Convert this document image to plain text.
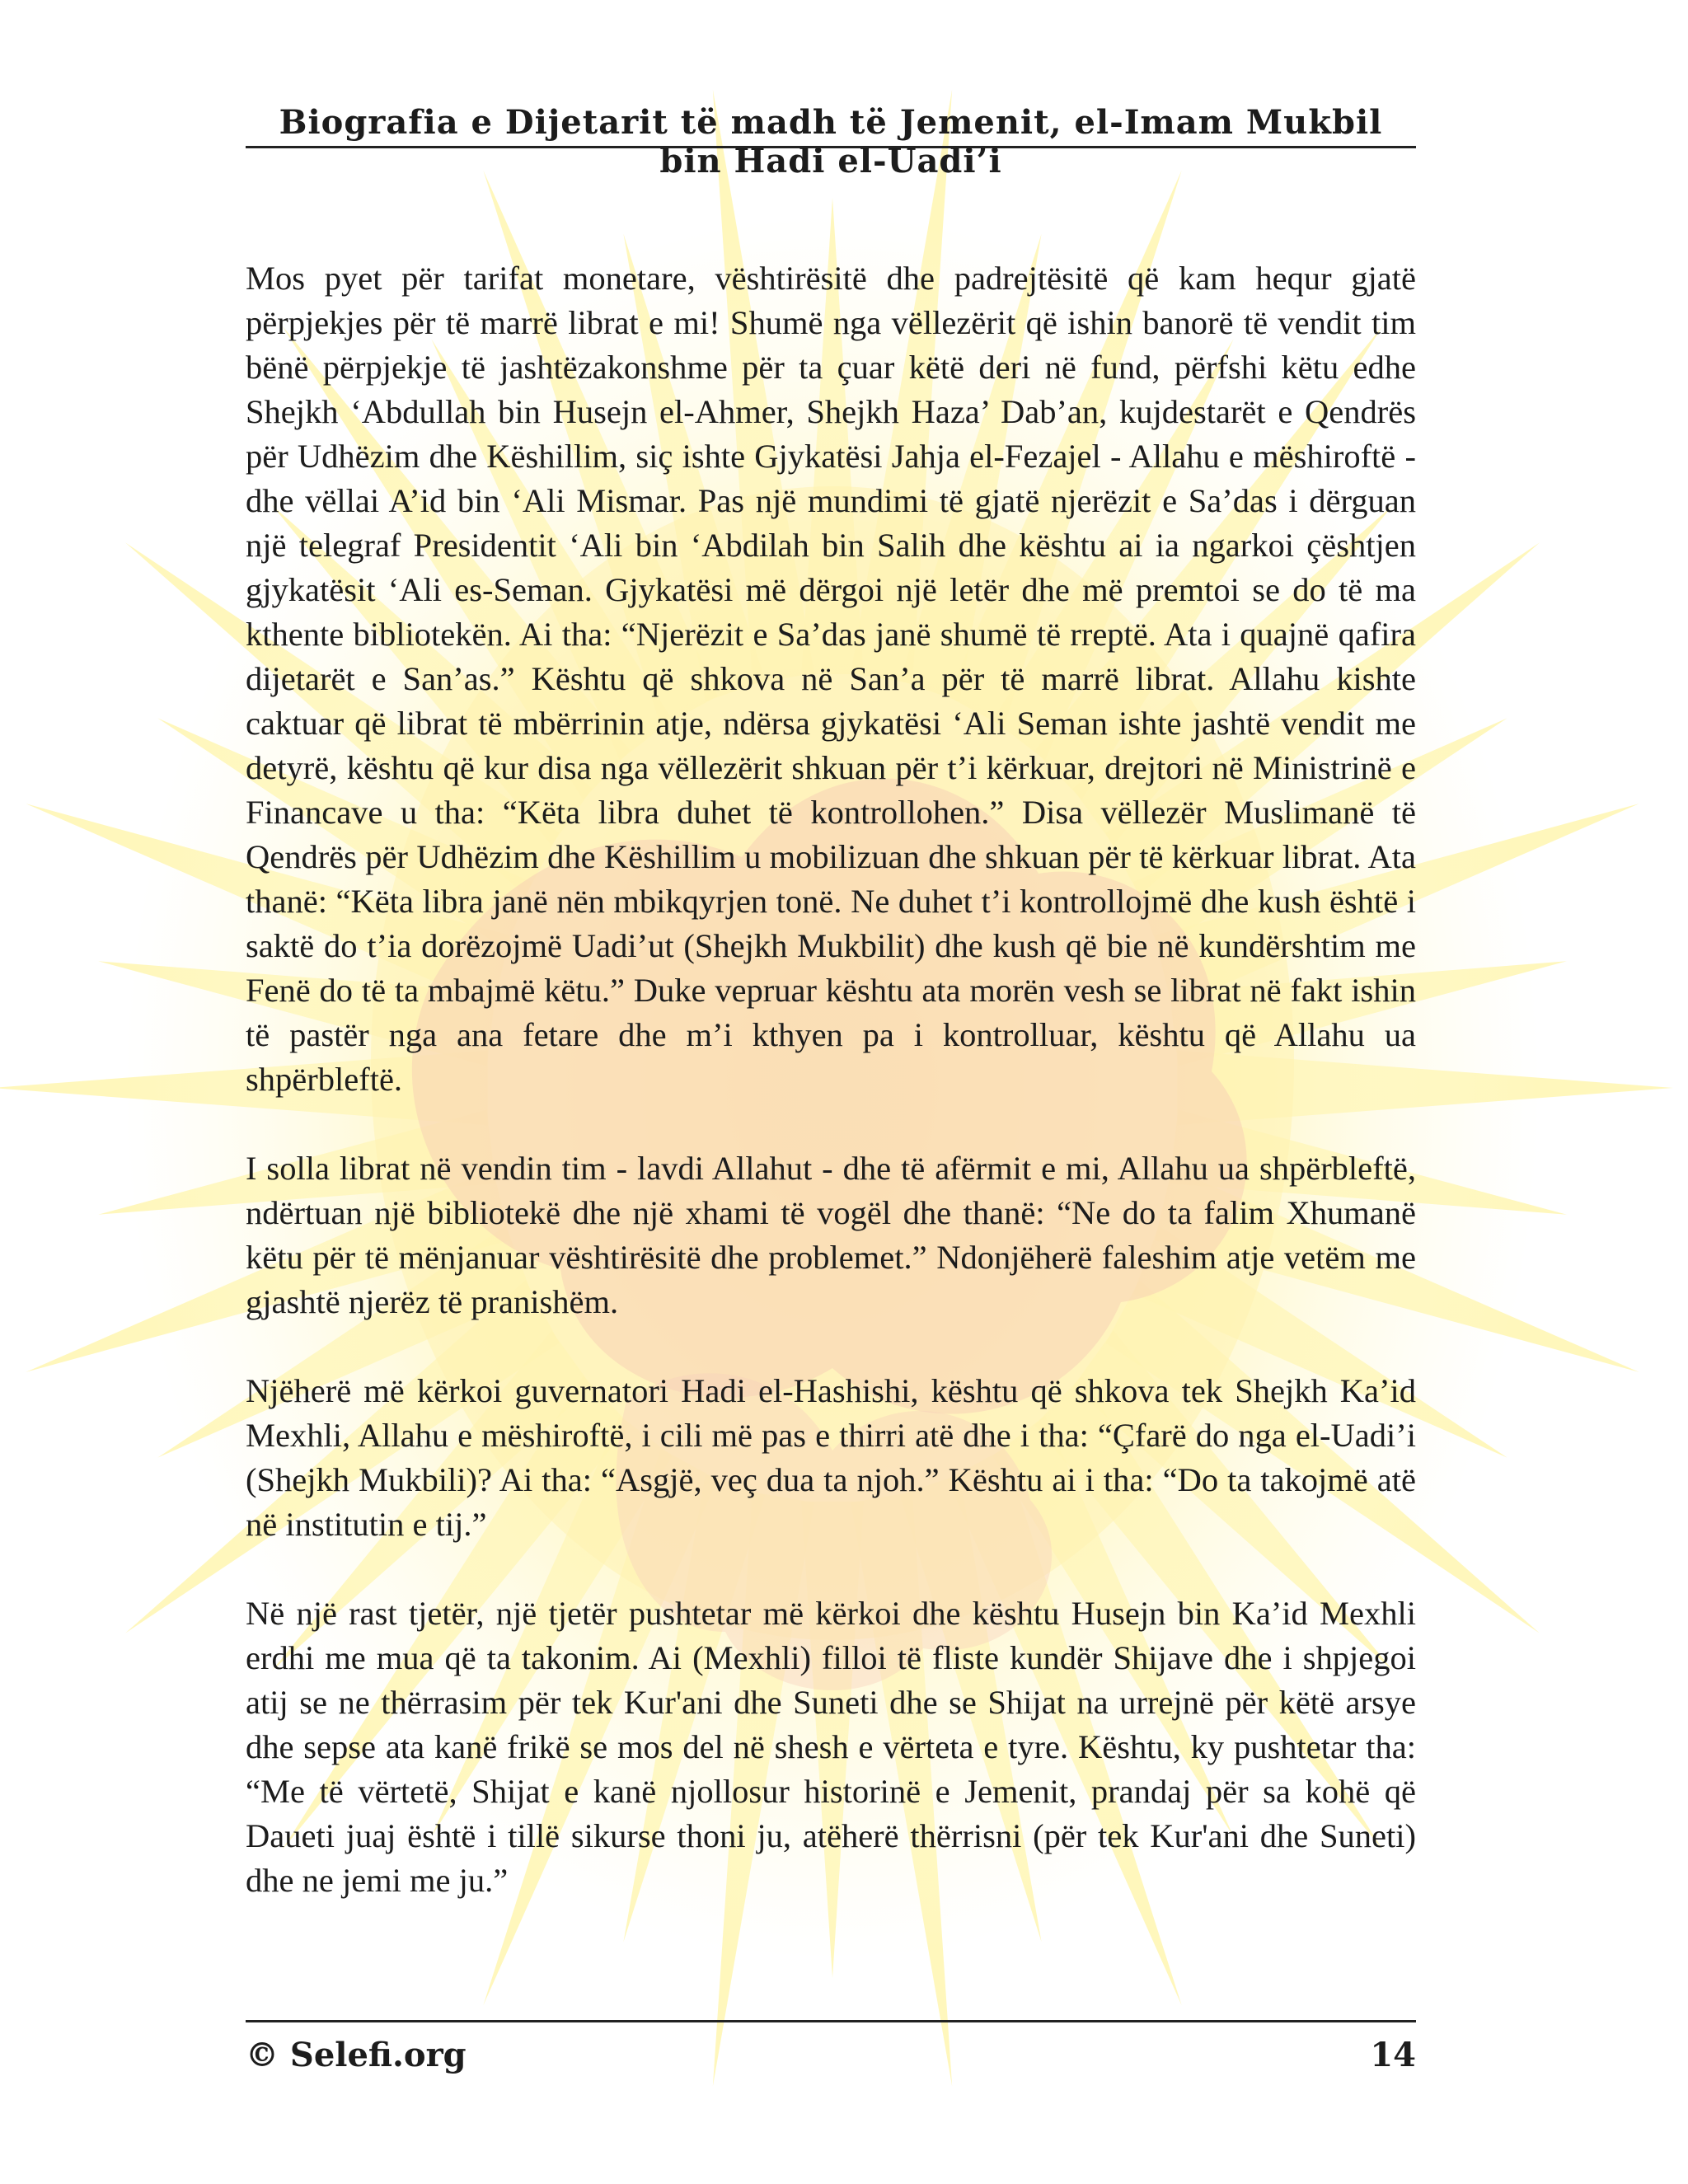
Biografia e Dijetarit të madh të Jemenit, el-Imam Mukbil bin Hadi el-Uadi’i

Mos pyet për tarifat monetare, vështirësitë dhe padrejtësitë që kam hequr gjatë përpjekjes për të marrë librat e mi! Shumë nga vëllezërit që ishin banorë të vendit tim bënë përpjekje të jashtëzakonshme për ta çuar këtë deri në fund, përfshi këtu edhe Shejkh ‘Abdullah bin Husejn el-Ahmer, Shejkh Haza’ Dab’an, kujdestarët e Qendrës për Udhëzim dhe Këshillim, siç ishte Gjykatësi Jahja el-Fezajel - Allahu e mëshiroftë - dhe vëllai A’id bin ‘Ali Mismar. Pas një mundimi të gjatë njerëzit e Sa’das i dërguan një telegraf Presidentit ‘Ali bin ‘Abdilah bin Salih dhe kështu ai ia ngarkoi çështjen gjykatësit ‘Ali es-Seman. Gjykatësi më dërgoi një letër dhe më premtoi se do të ma kthente bibliotekën. Ai tha: “Njerëzit e Sa’das janë shumë të rreptë. Ata i quajnë qafira dijetarët e San’as.” Kështu që shkova në San’a për të marrë librat. Allahu kishte caktuar që librat të mbërrinin atje, ndërsa gjykatësi ‘Ali Seman ishte jashtë vendit me detyrë, kështu që kur disa nga vëllezërit shkuan për t’i kërkuar, drejtori në Ministrinë e Financave u tha: “Këta libra duhet të kontrollohen.” Disa vëllezër Muslimanë të Qendrës për Udhëzim dhe Këshillim u mobilizuan dhe shkuan për të kërkuar librat. Ata thanë: “Këta libra janë nën mbikqyrjen tonë. Ne duhet t’i kontrollojmë dhe kush është i saktë do t’ia dorëzojmë Uadi’ut (Shejkh Mukbilit) dhe kush që bie në kundërshtim me Fenë do të ta mbajmë këtu.” Duke vepruar kështu ata morën vesh se librat në fakt ishin të pastër nga ana fetare dhe m’i kthyen pa i kontrolluar, kështu që Allahu ua shpërbleftë.

I solla librat në vendin tim - lavdi Allahut - dhe të afërmit e mi, Allahu ua shpërbleftë, ndërtuan një bibliotekë dhe një xhami të vogël dhe thanë: “Ne do ta falim Xhumanë këtu për të mënjanuar vështirësitë dhe problemet.” Ndonjëherë faleshim atje vetëm me gjashtë njerëz të pranishëm.

Njëherë më kërkoi guvernatori Hadi el-Hashishi, kështu që shkova tek Shejkh Ka’id Mexhli, Allahu e mëshiroftë, i cili më pas e thirri atë dhe i tha: “Çfarë do nga el-Uadi’i (Shejkh Mukbili)? Ai tha: “Asgjë, veç dua ta njoh.” Kështu ai i tha: “Do ta takojmë atë në institutin e tij.”

Në një rast tjetër, një tjetër pushtetar më kërkoi dhe kështu Husejn bin Ka’id Mexhli erdhi me mua që ta takonim. Ai (Mexhli) filloi të fliste kundër Shijave dhe i shpjegoi atij se ne thërrasim për tek Kur'ani dhe Suneti dhe se Shijat na urrejnë për këtë arsye dhe sepse ata kanë frikë se mos del në shesh e vërteta e tyre. Kështu, ky pushtetar tha: “Me të vërtetë, Shijat e kanë njollosur historinë e Jemenit, prandaj për sa kohë që Daueti juaj është i tillë sikurse thoni ju, atëherë thërrisni (për tek Kur'ani dhe Suneti) dhe ne jemi me ju.”

© Selefi.org	14
